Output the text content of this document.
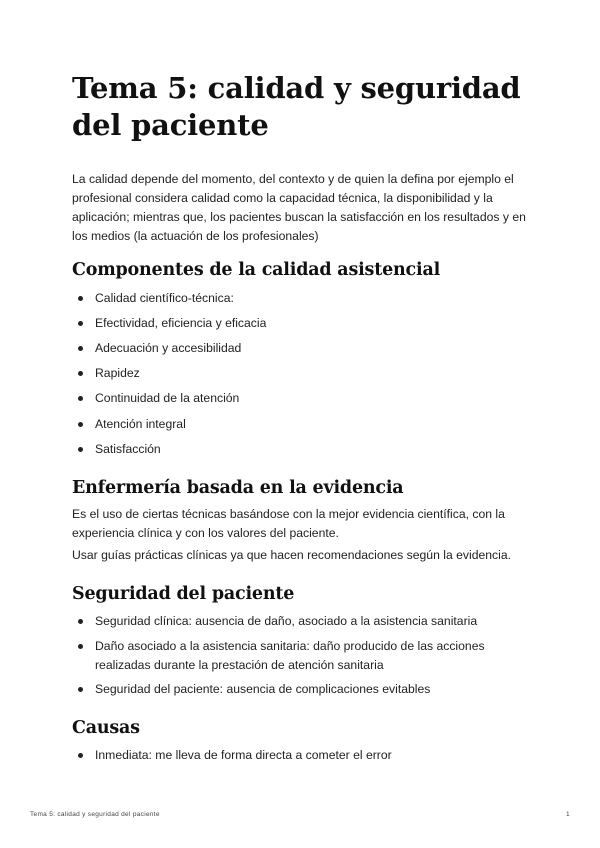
Tema 5: calidad y seguridad del paciente

La calidad depende del momento, del contexto y de quien la defina por ejemplo el profesional considera calidad como la capacidad técnica, la disponibilidad y la aplicación; mientras que, los pacientes buscan la satisfacción en los resultados y en los medios (la actuación de los profesionales)

Componentes de la calidad asistencial
Calidad científico-técnica:
Efectividad, eficiencia y eficacia
Adecuación y accesibilidad
Rapidez
Continuidad de la atención
Atención integral
Satisfacción
Enfermería basada en la evidencia

Es el uso de ciertas técnicas basándose con la mejor evidencia científica, con la experiencia clínica y con los valores del paciente.

Usar guías prácticas clínicas ya que hacen recomendaciones según la evidencia.

Seguridad del paciente
Seguridad clínica: ausencia de daño, asociado a la asistencia sanitaria
Daño asociado a la asistencia sanitaria: daño producido de las acciones realizadas durante la prestación de atención sanitaria
Seguridad del paciente: ausencia de complicaciones evitables
Causas
Inmediata: me lleva de forma directa a cometer el error
Tema 5: calidad y seguridad del paciente	1
